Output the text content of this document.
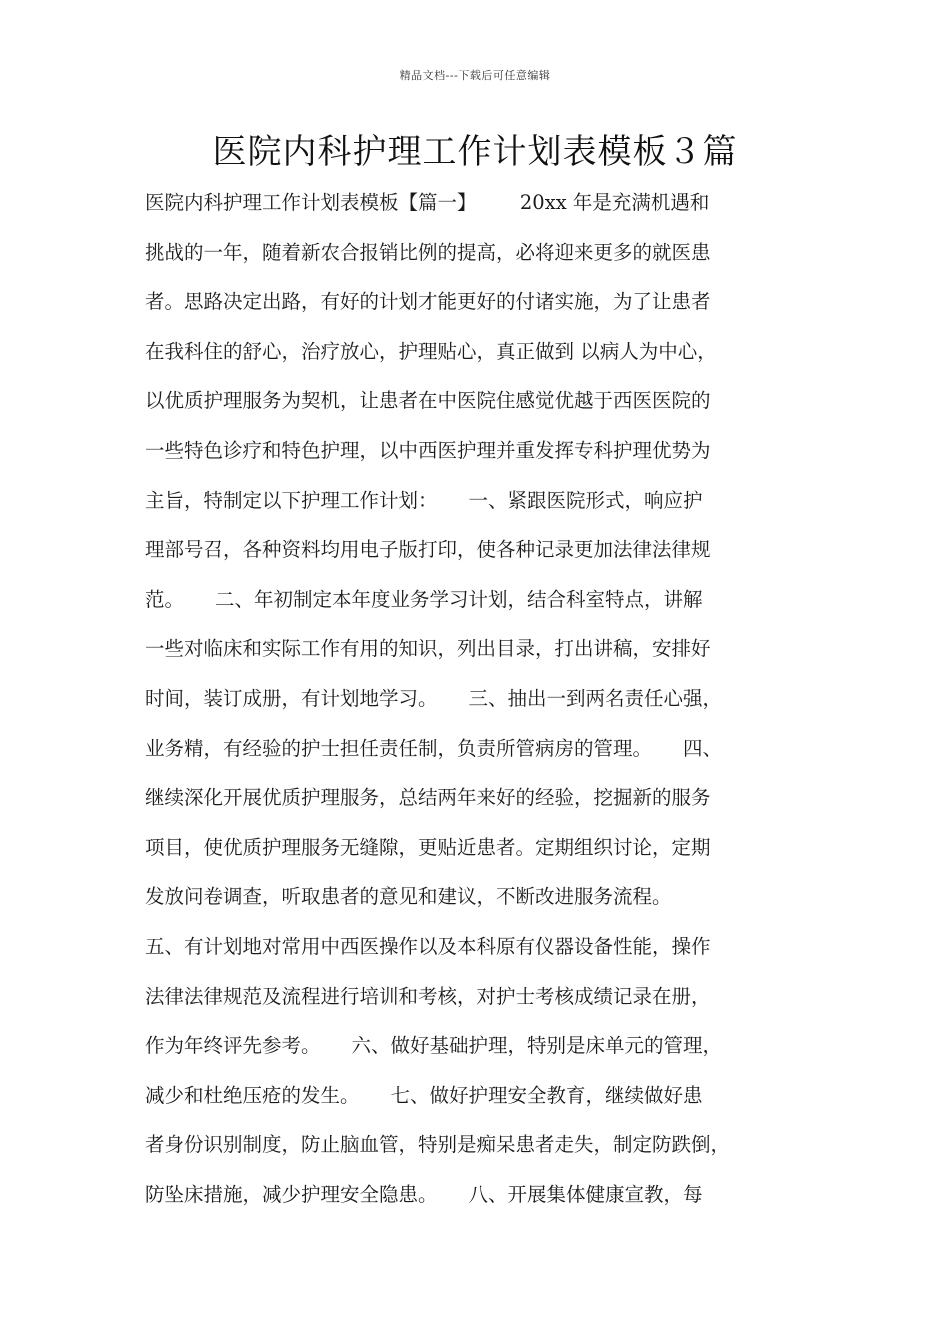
精品文档---下载后可任意编辑
医院内科护理工作计划表模板３篇
医院内科护理工作计划表模板【篇一】       20xx 年是充满机遇和
挑战的一年，随着新农合报销比例的提高，必将迎来更多的就医患
者。思路决定出路，有好的计划才能更好的付诸实施，为了让患者
在我科住的舒心，治疗放心，护理贴心，真正做到 以病人为中心，
以优质护理服务为契机，让患者在中医院住感觉优越于西医医院的
一些特色诊疗和特色护理，以中西医护理并重发挥专科护理优势为
主旨，特制定以下护理工作计划：     一、紧跟医院形式，响应护
理部号召，各种资料均用电子版打印，使各种记录更加法律法律规
范。     二、年初制定本年度业务学习计划，结合科室特点，讲解
一些对临床和实际工作有用的知识，列出目录，打出讲稿，安排好
时间，装订成册，有计划地学习。     三、抽出一到两名责任心强，
业务精，有经验的护士担任责任制，负责所管病房的管理。     四、
继续深化开展优质护理服务，总结两年来好的经验，挖掘新的服务
项目，使优质护理服务无缝隙，更贴近患者。定期组织讨论，定期
发放问卷调查，听取患者的意见和建议，不断改进服务流程。
五、有计划地对常用中西医操作以及本科原有仪器设备性能，操作
法律法律规范及流程进行培训和考核，对护士考核成绩记录在册，
作为年终评先参考。     六、做好基础护理，特别是床单元的管理，
减少和杜绝压疮的发生。     七、做好护理安全教育，继续做好患
者身份识别制度，防止脑血管，特别是痴呆患者走失，制定防跌倒，
防坠床措施，减少护理安全隐患。     八、开展集体健康宣教，每
